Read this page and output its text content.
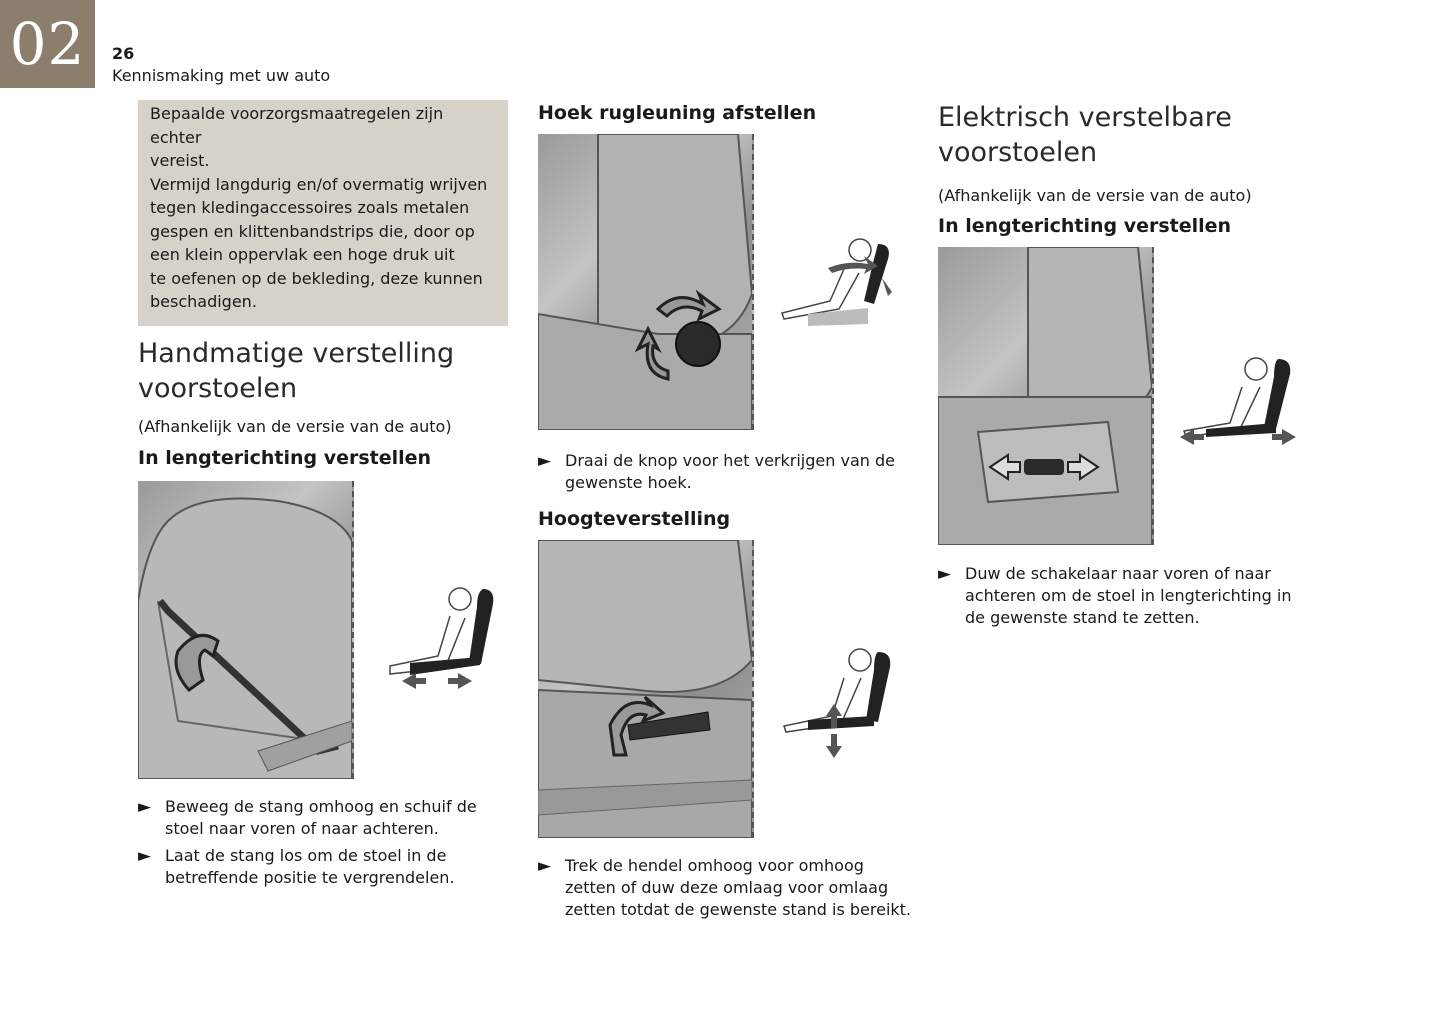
02 26
Kennismaking met uw auto
Bepaalde voorzorgsmaatregelen zijn echter
vereist.
Vermijd langdurig en/of overmatig wrijven
tegen kledingaccessoires zoals metalen
gespen en klittenbandstrips die, door op
een klein oppervlak een hoge druk uit
te oefenen op de bekleding, deze kunnen
beschadigen.
Handmatige verstelling
voorstoelen
(Afhankelijk van de versie van de auto)
In lengterichting verstellen
► Beweeg de stang omhoog en schuif de
stoel naar voren of naar achteren.
► Laat de stang los om de stoel in de
betreffende positie te vergrendelen.
Hoek rugleuning afstellen
► Draai de knop voor het verkrijgen van de
gewenste hoek.
Hoogteverstelling
► Trek de hendel omhoog voor omhoog
zetten of duw deze omlaag voor omlaag
zetten totdat de gewenste stand is bereikt.
Elektrisch verstelbare
voorstoelen
(Afhankelijk van de versie van de auto)
In lengterichting verstellen
► Duw de schakelaar naar voren of naar
achteren om de stoel in lengterichting in
de gewenste stand te zetten.
